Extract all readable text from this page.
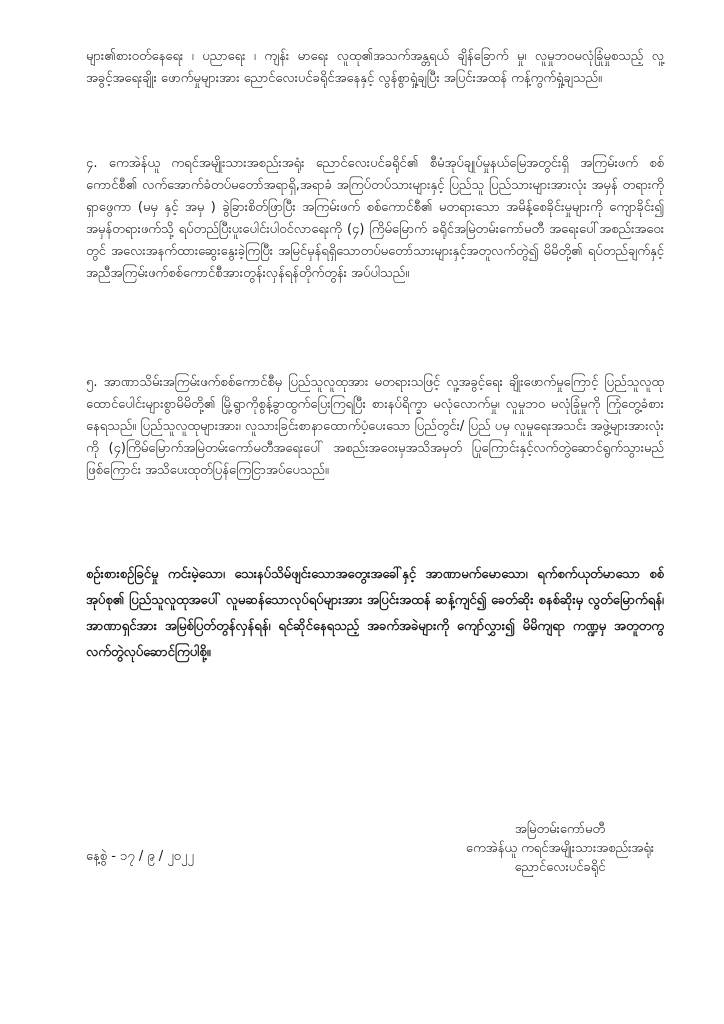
များ၏စားဝတ်နေရေး ၊ ပညာရေး ၊ ကျန်း မာရေး လူထု၏အသက်အန္တရယ် ချိန်ခြောက် မှု၊ လူမှုဘဝမလုံခြုံမှုစသည့် လူ့အခွင့်အရေးချိုး ဖောက်မှုများအား ညောင်လေးပင်ခရိုင်အနေနှင့် လွန်စွာရှုံ့ချပြီး အပြင်းအထန် ကန့်ကွက်ရှုံ့ချသည်။

၄. ကေအဲန်ယူ ကရင်အမျိုးသားအစည်းအရုံး ညောင်လေးပင်ခရိုင်၏ စီမံအုပ်ချုပ်မှုနယ်မြေအတွင်းရှိ အကြမ်းဖက် စစ်ကောင်စီ၏ လက်အောက်ခံတပ်မတော်အရာရှိ,အရာခံ အကြပ်တပ်သားများနှင့် ပြည်သူ ပြည်သားများအားလုံး အမှန် တရားကိုရှာဖွေကာ (မမှ နှင့် အမှ ) ခွဲခြားစိတ်ဖြာပြီး အကြမ်းဖက် စစ်ကောင်စီ၏ မတရားသော အမိန့်စေခိုင်းမှုများကို ကျောခိုင်း၍ အမှန်တရားဖက်သို့ ရပ်တည်ပြီးပူးပေါင်းပါဝင်လာရေးကို (၄) ကြိမ်မြောက် ခရိုင်အမြဲတမ်းကော်မတီ အရေးပေါ်အစည်းအဝေးတွင် အလေးအနက်ထားဆွေးနွေးခဲ့ကြပြီး အမြင်မှန်ရရှိသောတပ်မတော်သားများနှင့်အတူလက်တွဲ၍ မိမိတို့၏ ရပ်တည်ချက်နှင့်အညီအကြမ်းဖက်စစ်ကောင်စီအားတွန်းလှန်ရန်တိုက်တွန်း အပ်ပါသည်။

၅. အာဏာသိမ်းအကြမ်းဖက်စစ်ကောင်စီမှ ပြည်သူလူထုအား မတရားသဖြင့် လူ့အခွင့်ရေး ချိုးဖောက်မှုကြောင့် ပြည်သူလူထုထောင်ပေါင်းများစွာမိမိတို့၏ မြို့ရွာကိုစွန့်ခွာထွက်ပြေးကြရပြီး စားနပ်ရိက္ခာ မလုံလောက်မှု၊ လူမှုဘဝ မလုံခြုံမှုကို ကြုံတွေ့ခံစားနေရသည်။ ပြည်သူလူထုများအား၊ လူသားခြင်းစာနာထောက်ပံ့ပေးသော ပြည်တွင်း/ ပြည် ပမှ လူမှုရေးအသင်း အဖွဲ့များအားလုံးကို (၄)ကြိမ်မြောက်အမြဲတမ်းကော်မတီအရေးပေါ် အစည်းအဝေးမှအသိအမှတ် ပြုကြောင်းနှင့်လက်တွဲဆောင်ရွက်သွားမည်ဖြစ်ကြောင်း အသိပေးထုတ်ပြန်ကြေငြာအပ်ပေသည်။

စဉ်းစားစဉ်ခြင်မှု ကင်းမဲ့သော၊ သေးနပ်သိမ်ဖျင်းသောအတွေးအခေါ်နှင့် အာဏာမက်မောသော၊ ရက်စက်ယုတ်မာသော စစ်အုပ်စု၏ ပြည်သူလူထုအပေါ် လူမဆန်သောလုပ်ရပ်များအား အပြင်းအထန် ဆန့်ကျင်၍ ခေတ်ဆိုး စနစ်ဆိုးမှ လွတ်မြောက်ရန်၊ အာဏာရှင်အား အမြစ်ပြတ်တွန်လှန်ရန်၊ ရင်ဆိုင်နေရသည့် အခက်အခဲများကို ကျော်လွှား၍ မိမိကျရာ ကဏ္ဍမှ အတူတကွလက်တွဲလုပ်ဆောင်ကြပါစို့။

နေ့စွဲ - ၁၇ / ၉ / ၂၀၂၂
အမြဲတမ်းကော်မတီ
ကေအဲန်ယူ ကရင်အမျိုးသားအစည်းအရုံး
ညောင်လေးပင်ခရိုင်
